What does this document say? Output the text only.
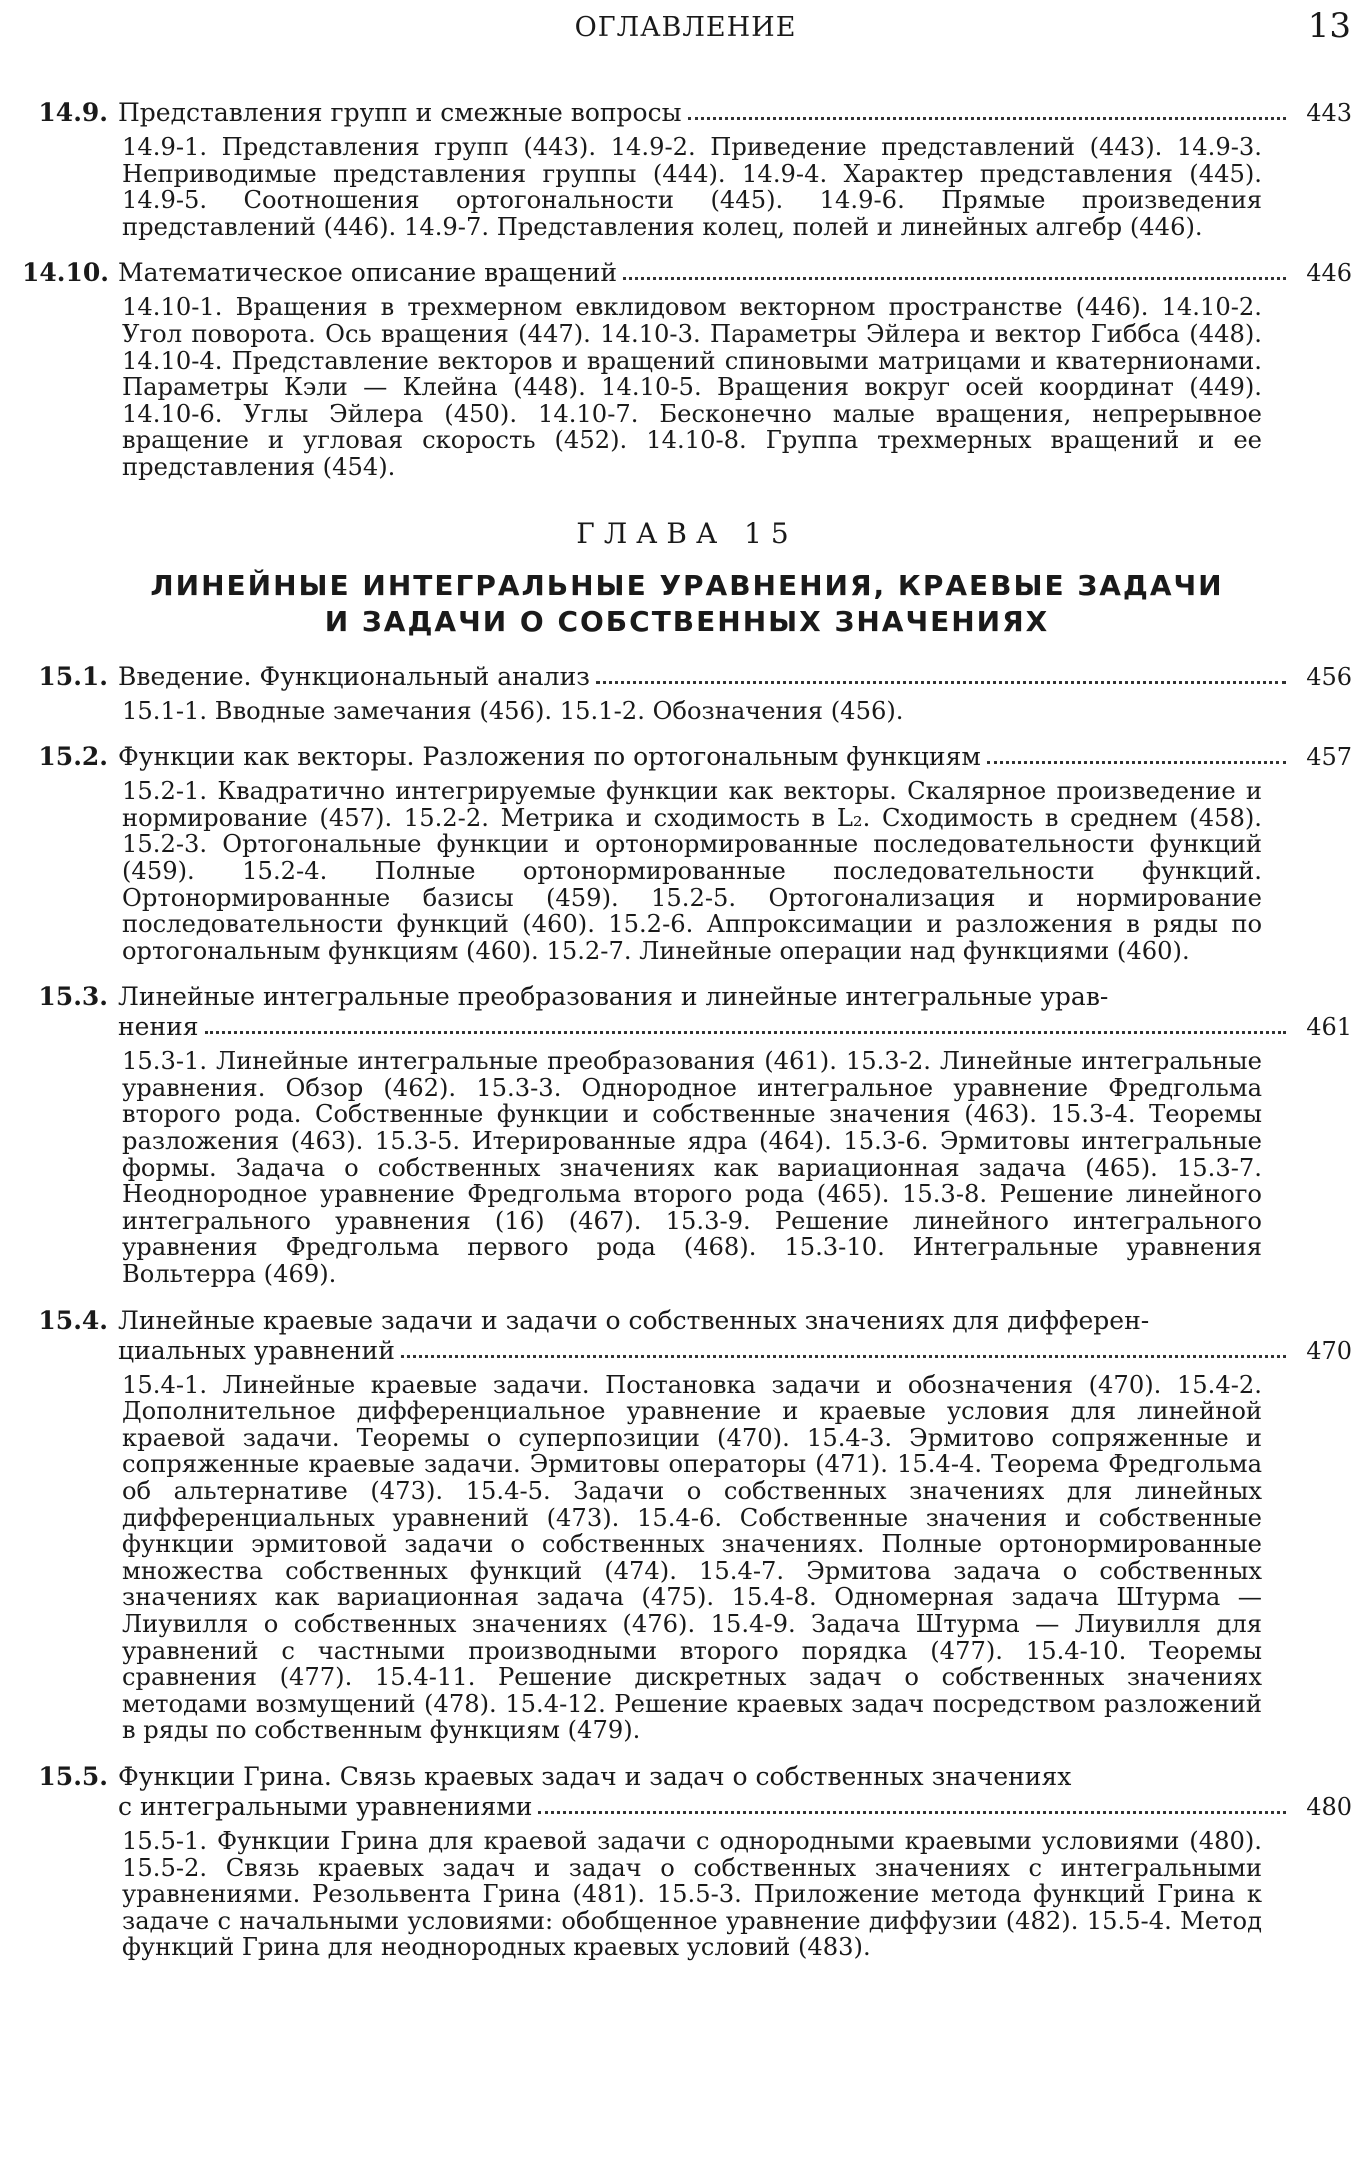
ОГЛАВЛЕНИЕ	13
14.9. Представления групп и смежные вопросы	443
14.9-1. Представления групп (443). 14.9-2. Приведение представлений (443). 14.9-3. Неприводимые представления группы (444). 14.9-4. Характер представления (445). 14.9-5. Соотношения ортогональности (445). 14.9-6. Прямые произведения представлений (446). 14.9-7. Представления колец, полей и линейных алгебр (446).
14.10. Математическое описание вращений	446
14.10-1. Вращения в трехмерном евклидовом векторном пространстве (446). 14.10-2. Угол поворота. Ось вращения (447). 14.10-3. Параметры Эйлера и вектор Гиббса (448). 14.10-4. Представление векторов и вращений спиновыми матрицами и кватернионами. Параметры Кэли — Клейна (448). 14.10-5. Вращения вокруг осей координат (449). 14.10-6. Углы Эйлера (450). 14.10-7. Бесконечно малые вращения, непрерывное вращение и угловая скорость (452). 14.10-8. Группа трехмерных вращений и ее представления (454).
ГЛАВА 15
ЛИНЕЙНЫЕ ИНТЕГРАЛЬНЫЕ УРАВНЕНИЯ, КРАЕВЫЕ ЗАДАЧИ
И ЗАДАЧИ О СОБСТВЕННЫХ ЗНАЧЕНИЯХ
15.1. Введение. Функциональный анализ	456
15.1-1. Вводные замечания (456). 15.1-2. Обозначения (456).
15.2. Функции как векторы. Разложения по ортогональным функциям	457
15.2-1. Квадратично интегрируемые функции как векторы. Скалярное произведение и нормирование (457). 15.2-2. Метрика и сходимость в L₂. Сходимость в среднем (458). 15.2-3. Ортогональные функции и ортонормированные последовательности функций (459). 15.2-4. Полные ортонормированные последовательности функций. Ортонормированные базисы (459). 15.2-5. Ортогонализация и нормирование последовательности функций (460). 15.2-6. Аппроксимации и разложения в ряды по ортогональным функциям (460). 15.2-7. Линейные операции над функциями (460).
15.3. Линейные интегральные преобразования и линейные интегральные урав-
нения	461
15.3-1. Линейные интегральные преобразования (461). 15.3-2. Линейные интегральные уравнения. Обзор (462). 15.3-3. Однородное интегральное уравнение Фредгольма второго рода. Собственные функции и собственные значения (463). 15.3-4. Теоремы разложения (463). 15.3-5. Итерированные ядра (464). 15.3-6. Эрмитовы интегральные формы. Задача о собственных значениях как вариационная задача (465). 15.3-7. Неоднородное уравнение Фредгольма второго рода (465). 15.3-8. Решение линейного интегрального уравнения (16) (467). 15.3-9. Решение линейного интегрального уравнения Фредгольма первого рода (468). 15.3-10. Интегральные уравнения Вольтерра (469).
15.4. Линейные краевые задачи и задачи о собственных значениях для дифферен-
циальных уравнений	470
15.4-1. Линейные краевые задачи. Постановка задачи и обозначения (470). 15.4-2. Дополнительное дифференциальное уравнение и краевые условия для линейной краевой задачи. Теоремы о суперпозиции (470). 15.4-3. Эрмитово сопряженные и сопряженные краевые задачи. Эрмитовы операторы (471). 15.4-4. Теорема Фредгольма об альтернативе (473). 15.4-5. Задачи о собственных значениях для линейных дифференциальных уравнений (473). 15.4-6. Собственные значения и собственные функции эрмитовой задачи о собственных значениях. Полные ортонормированные множества собственных функций (474). 15.4-7. Эрмитова задача о собственных значениях как вариационная задача (475). 15.4-8. Одномерная задача Штурма — Лиувилля о собственных значениях (476). 15.4-9. Задача Штурма — Лиувилля для уравнений с частными производными второго порядка (477). 15.4-10. Теоремы сравнения (477). 15.4-11. Решение дискретных задач о собственных значениях методами возмущений (478). 15.4-12. Решение краевых задач посредством разложений в ряды по собственным функциям (479).
15.5. Функции Грина. Связь краевых задач и задач о собственных значениях
с интегральными уравнениями	480
15.5-1. Функции Грина для краевой задачи с однородными краевыми условиями (480). 15.5-2. Связь краевых задач и задач о собственных значениях с интегральными уравнениями. Резольвента Грина (481). 15.5-3. Приложение метода функций Грина к задаче с начальными условиями: обобщенное уравнение диффузии (482). 15.5-4. Метод функций Грина для неоднородных краевых условий (483).
